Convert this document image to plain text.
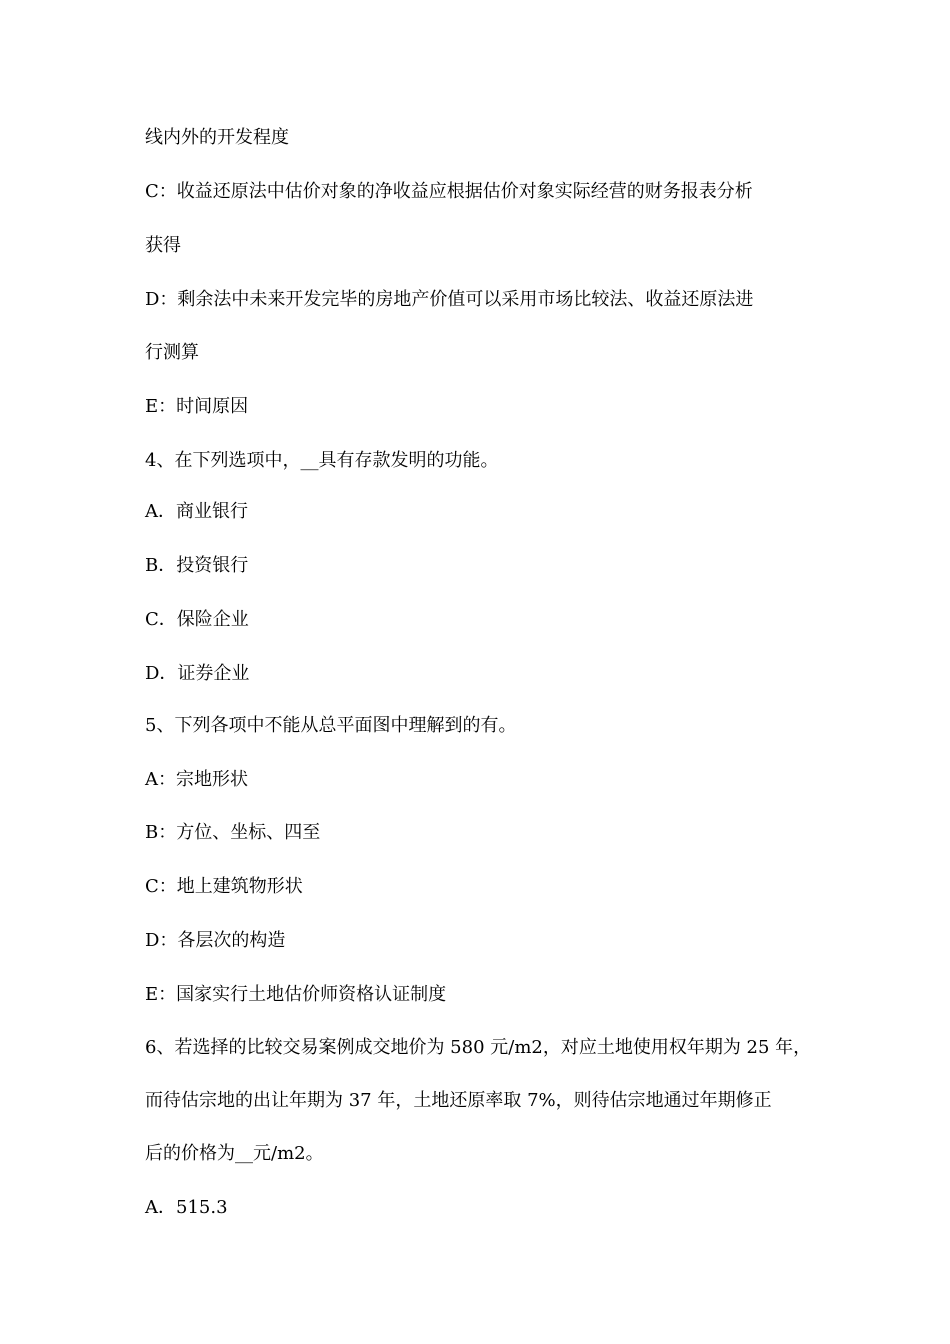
线内外的开发程度
C：收益还原法中估价对象的净收益应根据估价对象实际经营的财务报表分析
获得
D：剩余法中未来开发完毕的房地产价值可以采用市场比较法、收益还原法进
行测算
E：时间原因
4、在下列选项中，__具有存款发明的功能。
A．商业银行
B．投资银行
C．保险企业
D．证券企业
5、下列各项中不能从总平面图中理解到的有。
A：宗地形状
B：方位、坐标、四至
C：地上建筑物形状
D：各层次的构造
E：国家实行土地估价师资格认证制度
6、若选择的比较交易案例成交地价为 580 元/m2，对应土地使用权年期为 25 年，
而待估宗地的出让年期为 37 年，土地还原率取 7%，则待估宗地通过年期修正
后的价格为__元/m2。
A．515.3
